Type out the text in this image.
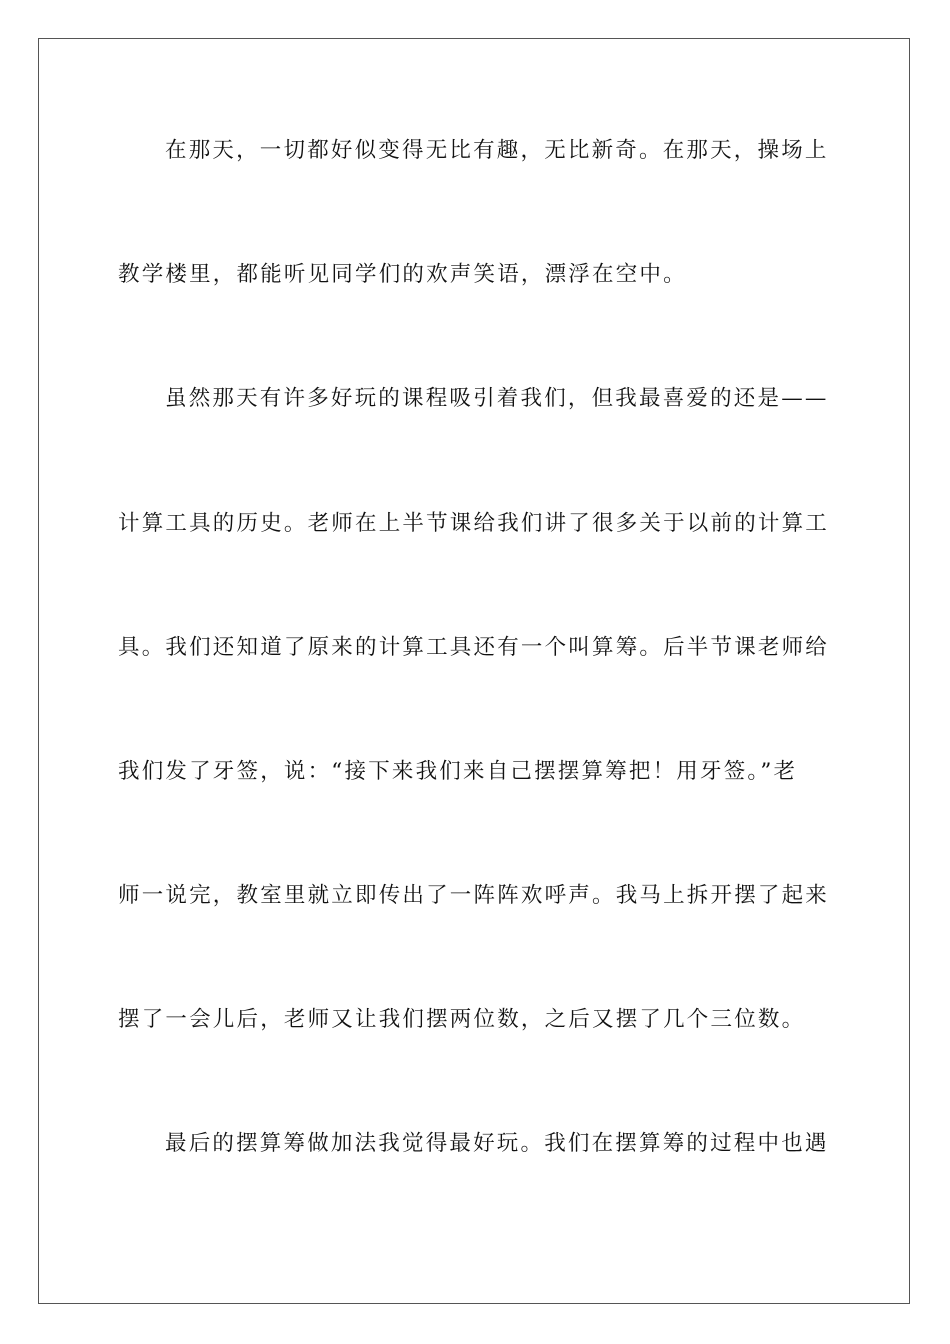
在那天，一切都好似变得无比有趣，无比新奇。在那天，操场上
教学楼里，都能听见同学们的欢声笑语，漂浮在空中。
虽然那天有许多好玩的课程吸引着我们，但我最喜爱的还是——
计算工具的历史。老师在上半节课给我们讲了很多关于以前的计算工
具。我们还知道了原来的计算工具还有一个叫算筹。后半节课老师给
我们发了牙签，说：“接下来我们来自己摆摆算筹把！用牙签。”老
师一说完，教室里就立即传出了一阵阵欢呼声。我马上拆开摆了起来
摆了一会儿后，老师又让我们摆两位数，之后又摆了几个三位数。
最后的摆算筹做加法我觉得最好玩。我们在摆算筹的过程中也遇
